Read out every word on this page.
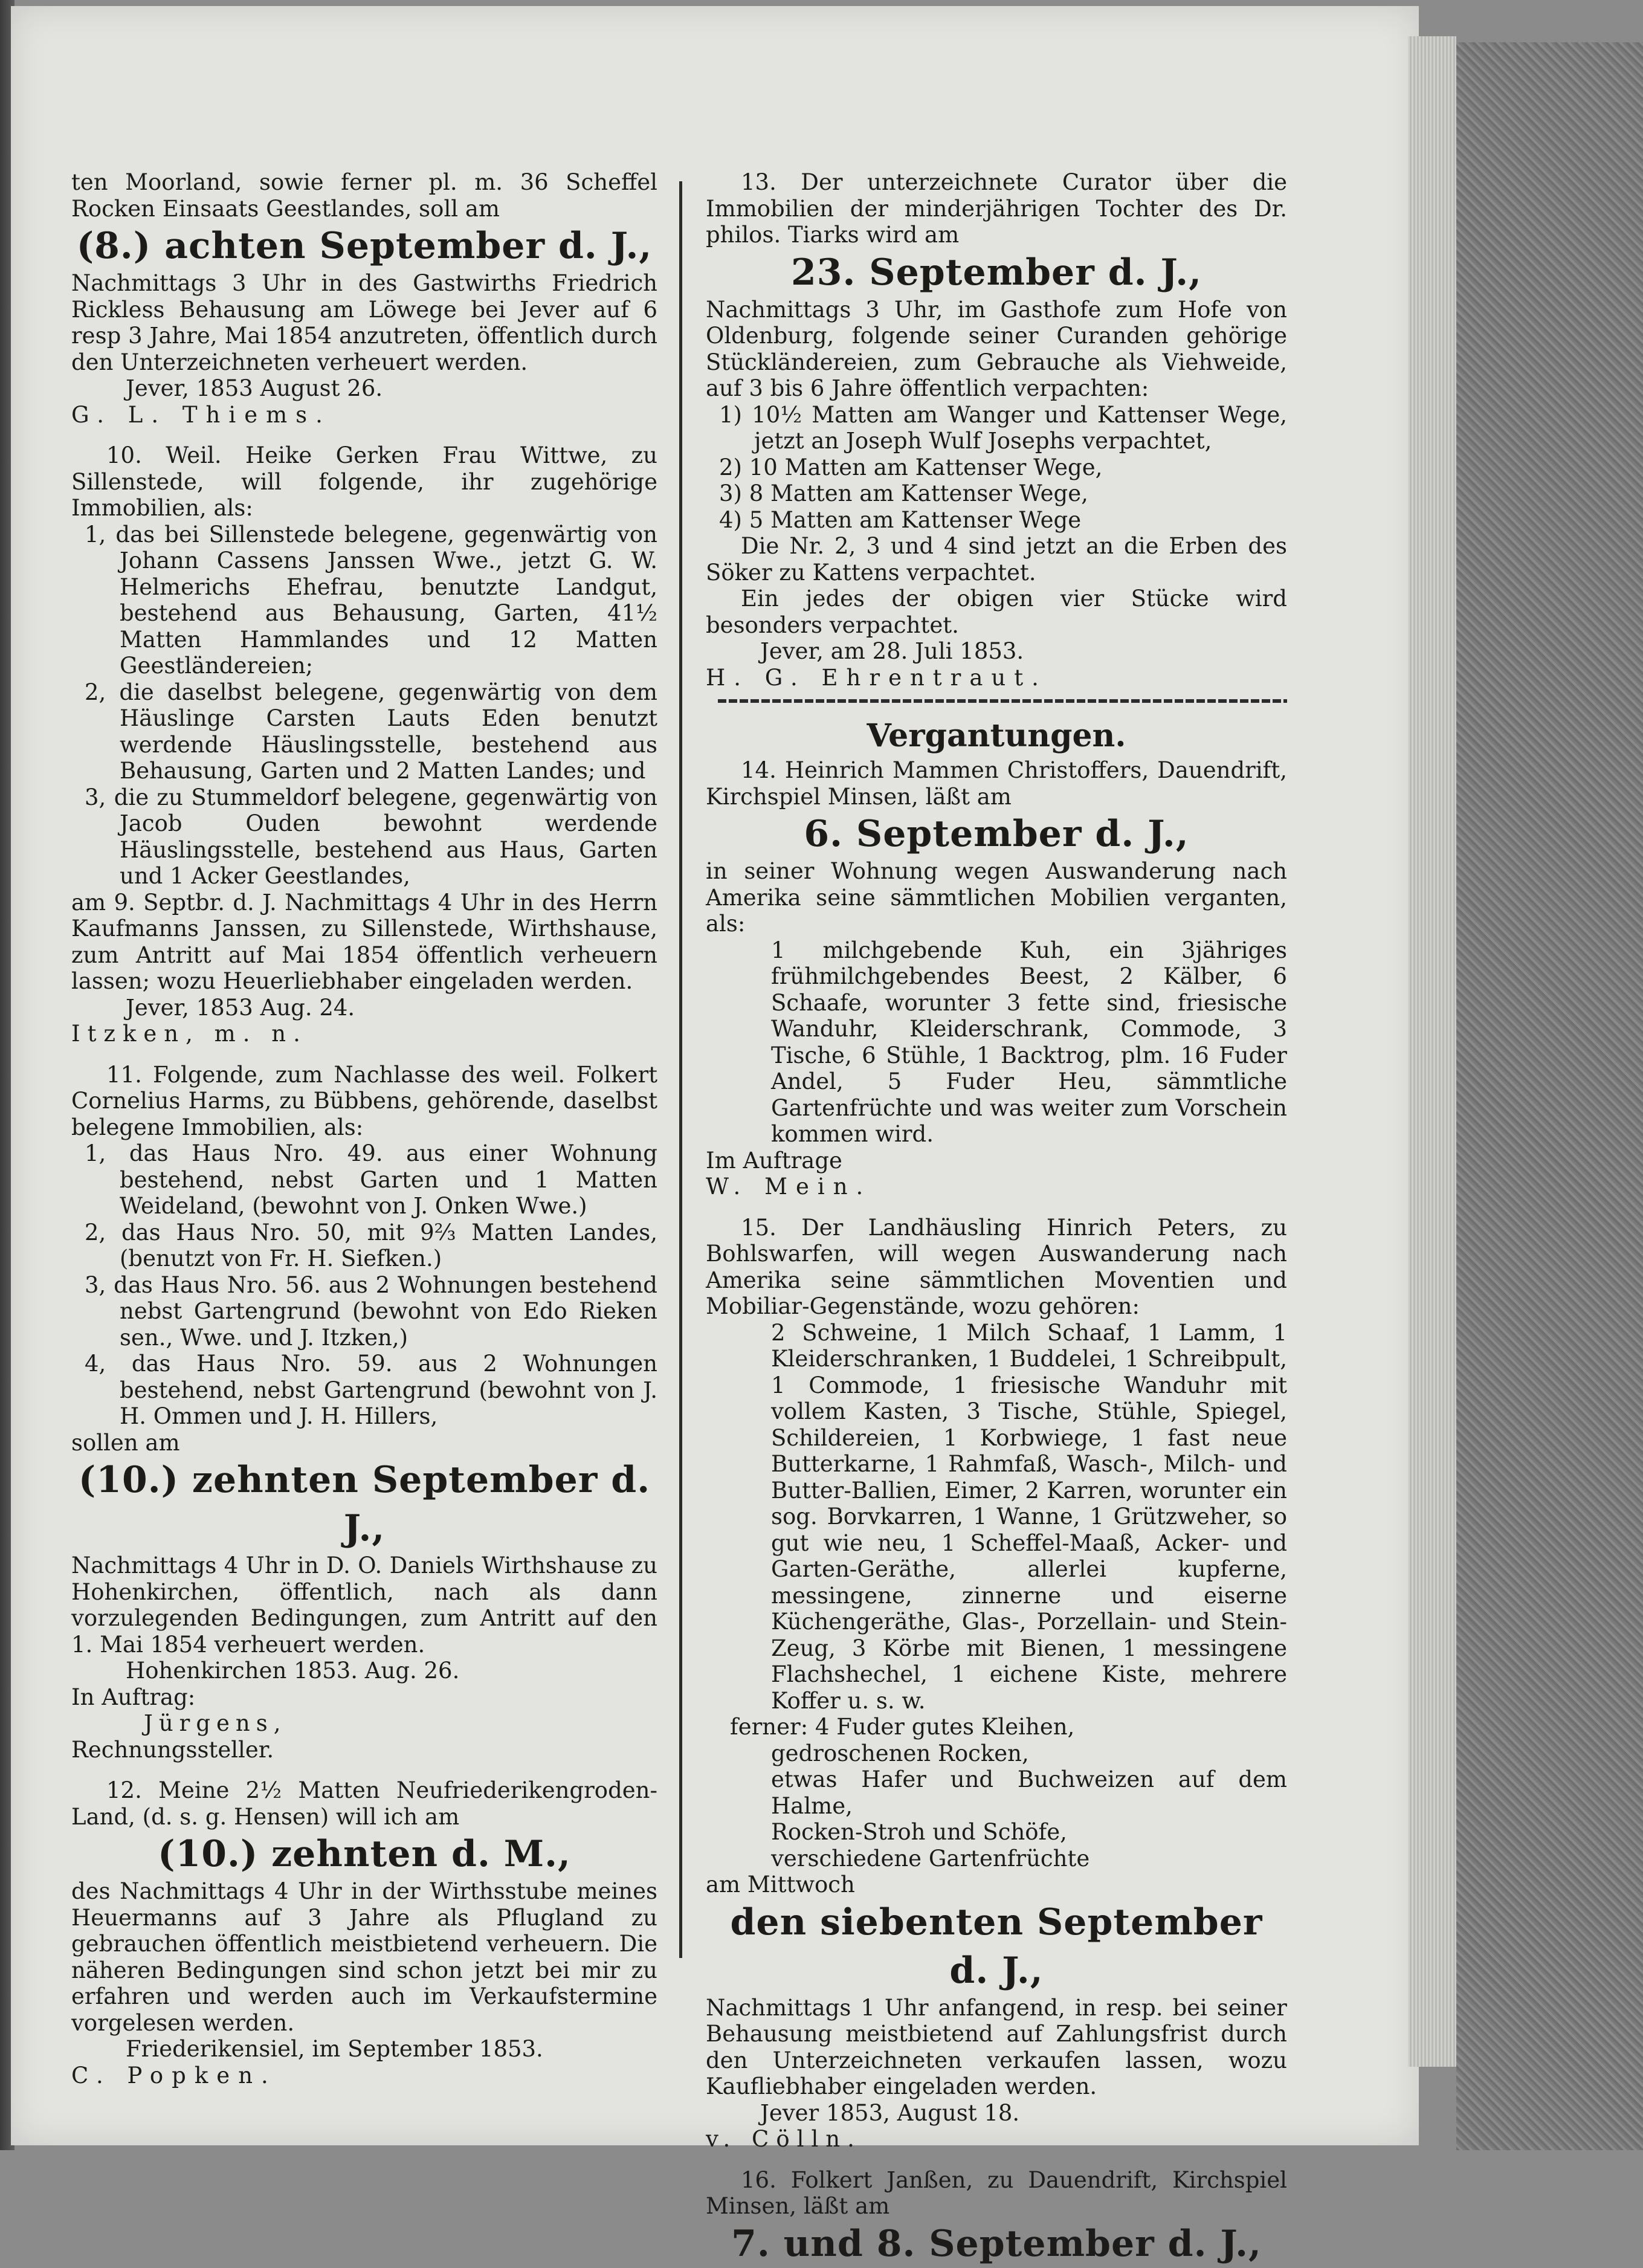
ten Moorland, sowie ferner pl. m. 36 Scheffel Rocken Einsaats Geestlandes, soll am

(8.) achten September d. J.,

Nachmittags 3 Uhr in des Gastwirths Friedrich Rickless Behausung am Löwege bei Jever auf 6 resp 3 Jahre, Mai 1854 anzutreten, öffentlich durch den Unterzeichneten verheuert werden.

Jever, 1853 August 26.

G. L. Thiems.

10. Weil. Heike Gerken Frau Wittwe, zu Sillenstede, will folgende, ihr zugehörige Immobilien, als:

1, das bei Sillenstede belegene, gegenwärtig von Johann Cassens Janssen Wwe., jetzt G. W. Helmerichs Ehefrau, benutzte Landgut, bestehend aus Behausung, Garten, 41½ Matten Hammlandes und 12 Matten Geestländereien;

2, die daselbst belegene, gegenwärtig von dem Häuslinge Carsten Lauts Eden benutzt werdende Häuslingsstelle, bestehend aus Behausung, Garten und 2 Matten Landes; und

3, die zu Stummeldorf belegene, gegenwärtig von Jacob Ouden bewohnt werdende Häuslingsstelle, bestehend aus Haus, Garten und 1 Acker Geestlandes,

am 9. Septbr. d. J. Nachmittags 4 Uhr in des Herrn Kaufmanns Janssen, zu Sillenstede, Wirthshause, zum Antritt auf Mai 1854 öffentlich verheuern lassen; wozu Heuerliebhaber eingeladen werden.

Jever, 1853 Aug. 24.

Itzken, m. n.

11. Folgende, zum Nachlasse des weil. Folkert Cornelius Harms, zu Bübbens, gehörende, daselbst belegene Immobilien, als:

1, das Haus Nro. 49. aus einer Wohnung bestehend, nebst Garten und 1 Matten Weideland, (bewohnt von J. Onken Wwe.)

2, das Haus Nro. 50, mit 9⅔ Matten Landes, (benutzt von Fr. H. Siefken.)

3, das Haus Nro. 56. aus 2 Wohnungen bestehend nebst Gartengrund (bewohnt von Edo Rieken sen., Wwe. und J. Itzken,)

4, das Haus Nro. 59. aus 2 Wohnungen bestehend, nebst Gartengrund (bewohnt von J. H. Ommen und J. H. Hillers,

sollen am

(10.) zehnten September d. J.,

Nachmittags 4 Uhr in D. O. Daniels Wirthshause zu Hohenkirchen, öffentlich, nach als dann vorzulegenden Bedingungen, zum Antritt auf den 1. Mai 1854 verheuert werden.

Hohenkirchen 1853. Aug. 26.

In Auftrag:

Jürgens,

Rechnungssteller.

12. Meine 2½ Matten Neufriederikengroden-Land, (d. s. g. Hensen) will ich am

(10.) zehnten d. M.,

des Nachmittags 4 Uhr in der Wirthsstube meines Heuermanns auf 3 Jahre als Pflugland zu gebrauchen öffentlich meistbietend verheuern. Die näheren Bedingungen sind schon jetzt bei mir zu erfahren und werden auch im Verkaufstermine vorgelesen werden.

Friederikensiel, im September 1853.

C. Popken.

13. Der unterzeichnete Curator über die Immobilien der minderjährigen Tochter des Dr. philos. Tiarks wird am

23. September d. J.,

Nachmittags 3 Uhr, im Gasthofe zum Hofe von Oldenburg, folgende seiner Curanden gehörige Stückländereien, zum Gebrauche als Viehweide, auf 3 bis 6 Jahre öffentlich verpachten:

1) 10½ Matten am Wanger und Kattenser Wege, jetzt an Joseph Wulf Josephs verpachtet,

2) 10 Matten am Kattenser Wege,

3) 8 Matten am Kattenser Wege,

4) 5 Matten am Kattenser Wege

Die Nr. 2, 3 und 4 sind jetzt an die Erben des Söker zu Kattens verpachtet.

Ein jedes der obigen vier Stücke wird besonders verpachtet.

Jever, am 28. Juli 1853.

H. G. Ehrentraut.

Vergantungen.

14. Heinrich Mammen Christoffers, Dauendrift, Kirchspiel Minsen, läßt am

6. September d. J.,

in seiner Wohnung wegen Auswanderung nach Amerika seine sämmtlichen Mobilien verganten, als:

1 milchgebende Kuh, ein 3jähriges frühmilchgebendes Beest, 2 Kälber, 6 Schaafe, worunter 3 fette sind, friesische Wanduhr, Kleiderschrank, Commode, 3 Tische, 6 Stühle, 1 Backtrog, plm. 16 Fuder Andel, 5 Fuder Heu, sämmtliche Gartenfrüchte und was weiter zum Vorschein kommen wird.

Im Auftrage

W. Mein.

15. Der Landhäusling Hinrich Peters, zu Bohlswarfen, will wegen Auswanderung nach Amerika seine sämmtlichen Moventien und Mobiliar-Gegenstände, wozu gehören:

2 Schweine, 1 Milch Schaaf, 1 Lamm, 1 Kleiderschranken, 1 Buddelei, 1 Schreibpult, 1 Commode, 1 friesische Wanduhr mit vollem Kasten, 3 Tische, Stühle, Spiegel, Schildereien, 1 Korbwiege, 1 fast neue Butterkarne, 1 Rahmfaß, Wasch-, Milch- und Butter-Ballien, Eimer, 2 Karren, worunter ein sog. Borvkarren, 1 Wanne, 1 Grützweher, so gut wie neu, 1 Scheffel-Maaß, Acker- und Garten-Geräthe, allerlei kupferne, messingene, zinnerne und eiserne Küchengeräthe, Glas-, Porzellain- und Stein-Zeug, 3 Körbe mit Bienen, 1 messingene Flachshechel, 1 eichene Kiste, mehrere Koffer u. s. w.

ferner: 4 Fuder gutes Kleihen,

gedroschenen Rocken,

etwas Hafer und Buchweizen auf dem Halme,

Rocken-Stroh und Schöfe,

verschiedene Gartenfrüchte

am Mittwoch

den siebenten September d. J.,

Nachmittags 1 Uhr anfangend, in resp. bei seiner Behausung meistbietend auf Zahlungsfrist durch den Unterzeichneten verkaufen lassen, wozu Kaufliebhaber eingeladen werden.

Jever 1853, August 18.

v. Cölln.

16. Folkert Janßen, zu Dauendrift, Kirchspiel Minsen, läßt am

7. und 8. September d. J.,
